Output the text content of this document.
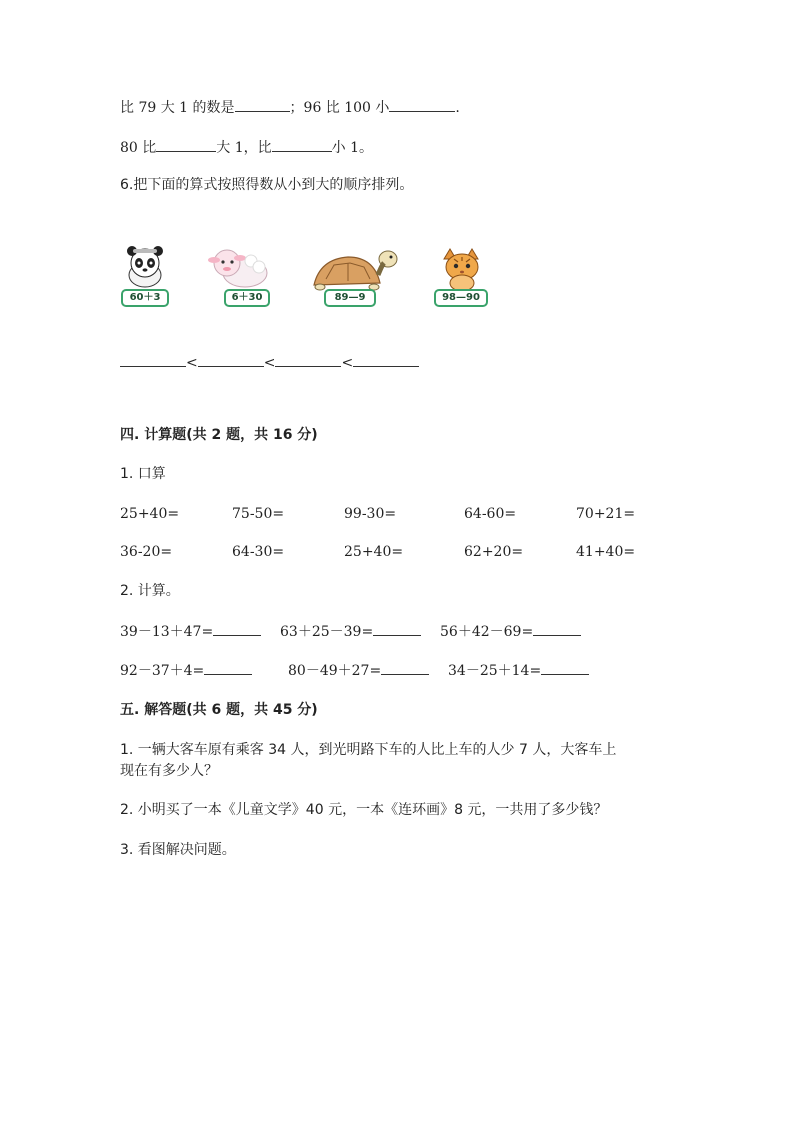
比 79 大 1 的数是	；96 比 100 小	.
80 比	大 1，比	小 1。
6.把下面的算式按照得数从小到大的顺序排列。
60＋3	6＋30	89—9	98—90
<	<	<
四. 计算题(共 2 题，共 16 分)
1. 口算
25+40=	75-50=	99-30=	64-60=	70+21=
36-20=	64-30=	25+40=	62+20=	41+40=
2. 计算。
39－13＋47=	63＋25－39=	56＋42－69=
92－37＋4=	80－49＋27=	34－25＋14=
五. 解答题(共 6 题，共 45 分)
1. 一辆大客车原有乘客 34 人，到光明路下车的人比上车的人少 7 人，大客车上
现在有多少人？
2. 小明买了一本《儿童文学》40 元，一本《连环画》8 元，一共用了多少钱？
3. 看图解决问题。
